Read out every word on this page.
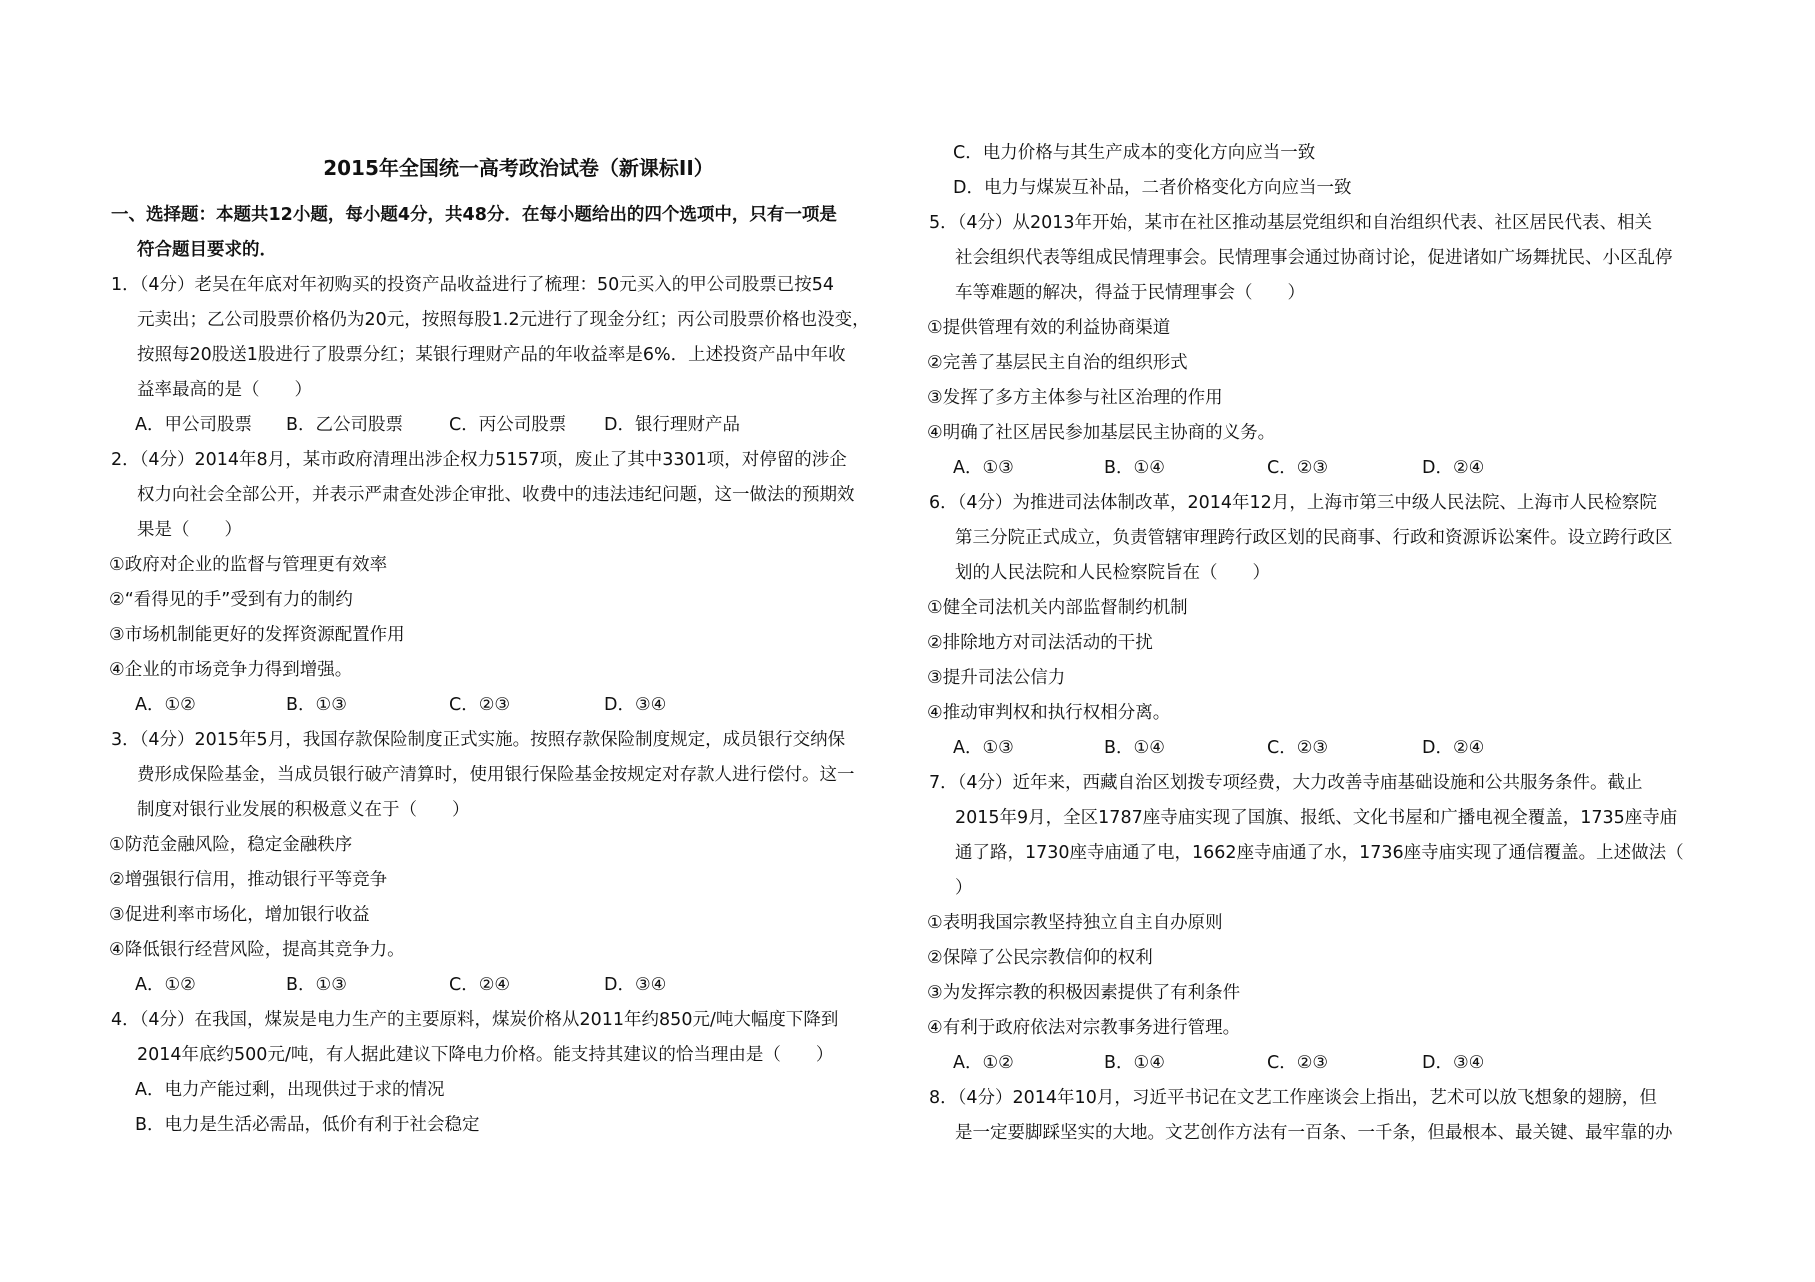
2015年全国统一高考政治试卷（新课标II）
一、选择题：本题共12小题，每小题4分，共48分．在每小题给出的四个选项中，只有一项是
符合题目要求的．
1．（4分）老吴在年底对年初购买的投资产品收益进行了梳理：50元买入的甲公司股票已按54
元卖出；乙公司股票价格仍为20元，按照每股1.2元进行了现金分红；丙公司股票价格也没变，
按照每20股送1股进行了股票分红；某银行理财产品的年收益率是6%．上述投资产品中年收
益率最高的是（　　）
A．甲公司股票 B．乙公司股票	C．丙公司股票 D．银行理财产品
2．（4分）2014年8月，某市政府清理出涉企权力5157项，废止了其中3301项，对停留的涉企
权力向社会全部公开，并表示严肃查处涉企审批、收费中的违法违纪问题，这一做法的预期效
果是（　　）
①政府对企业的监督与管理更有效率
②“看得见的手”受到有力的制约
③市场机制能更好的发挥资源配置作用
④企业的市场竞争力得到增强。
A．①②	B．①③	C．②③	D．③④
3．（4分）2015年5月，我国存款保险制度正式实施。按照存款保险制度规定，成员银行交纳保
费形成保险基金，当成员银行破产清算时，使用银行保险基金按规定对存款人进行偿付。这一
制度对银行业发展的积极意义在于（　　）
①防范金融风险，稳定金融秩序
②增强银行信用，推动银行平等竞争
③促进利率市场化，增加银行收益
④降低银行经营风险，提高其竞争力。
A．①②	B．①③	C．②④	D．③④
4．（4分）在我国，煤炭是电力生产的主要原料，煤炭价格从2011年约850元/吨大幅度下降到
2014年底约500元/吨，有人据此建议下降电力价格。能支持其建议的恰当理由是（　　）
A．电力产能过剩，出现供过于求的情况
B．电力是生活必需品，低价有利于社会稳定
C．电力价格与其生产成本的变化方向应当一致
D．电力与煤炭互补品，二者价格变化方向应当一致
5．（4分）从2013年开始，某市在社区推动基层党组织和自治组织代表、社区居民代表、相关
社会组织代表等组成民情理事会。民情理事会通过协商讨论，促进诸如广场舞扰民、小区乱停
车等难题的解决，得益于民情理事会（　　）
①提供管理有效的利益协商渠道
②完善了基层民主自治的组织形式
③发挥了多方主体参与社区治理的作用
④明确了社区居民参加基层民主协商的义务。
A．①③	B．①④	C．②③	D．②④
6．（4分）为推进司法体制改革，2014年12月，上海市第三中级人民法院、上海市人民检察院
第三分院正式成立，负责管辖审理跨行政区划的民商事、行政和资源诉讼案件。设立跨行政区
划的人民法院和人民检察院旨在（　　）
①健全司法机关内部监督制约机制
②排除地方对司法活动的干扰
③提升司法公信力
④推动审判权和执行权相分离。
A．①③	B．①④	C．②③	D．②④
7．（4分）近年来，西藏自治区划拨专项经费，大力改善寺庙基础设施和公共服务条件。截止
2015年9月，全区1787座寺庙实现了国旗、报纸、文化书屋和广播电视全覆盖，1735座寺庙
通了路，1730座寺庙通了电，1662座寺庙通了水，1736座寺庙实现了通信覆盖。上述做法（
）
①表明我国宗教坚持独立自主自办原则
②保障了公民宗教信仰的权利
③为发挥宗教的积极因素提供了有利条件
④有利于政府依法对宗教事务进行管理。
A．①②	B．①④	C．②③	D．③④
8．（4分）2014年10月，习近平书记在文艺工作座谈会上指出，艺术可以放飞想象的翅膀，但
是一定要脚踩坚实的大地。文艺创作方法有一百条、一千条，但最根本、最关键、最牢靠的办
